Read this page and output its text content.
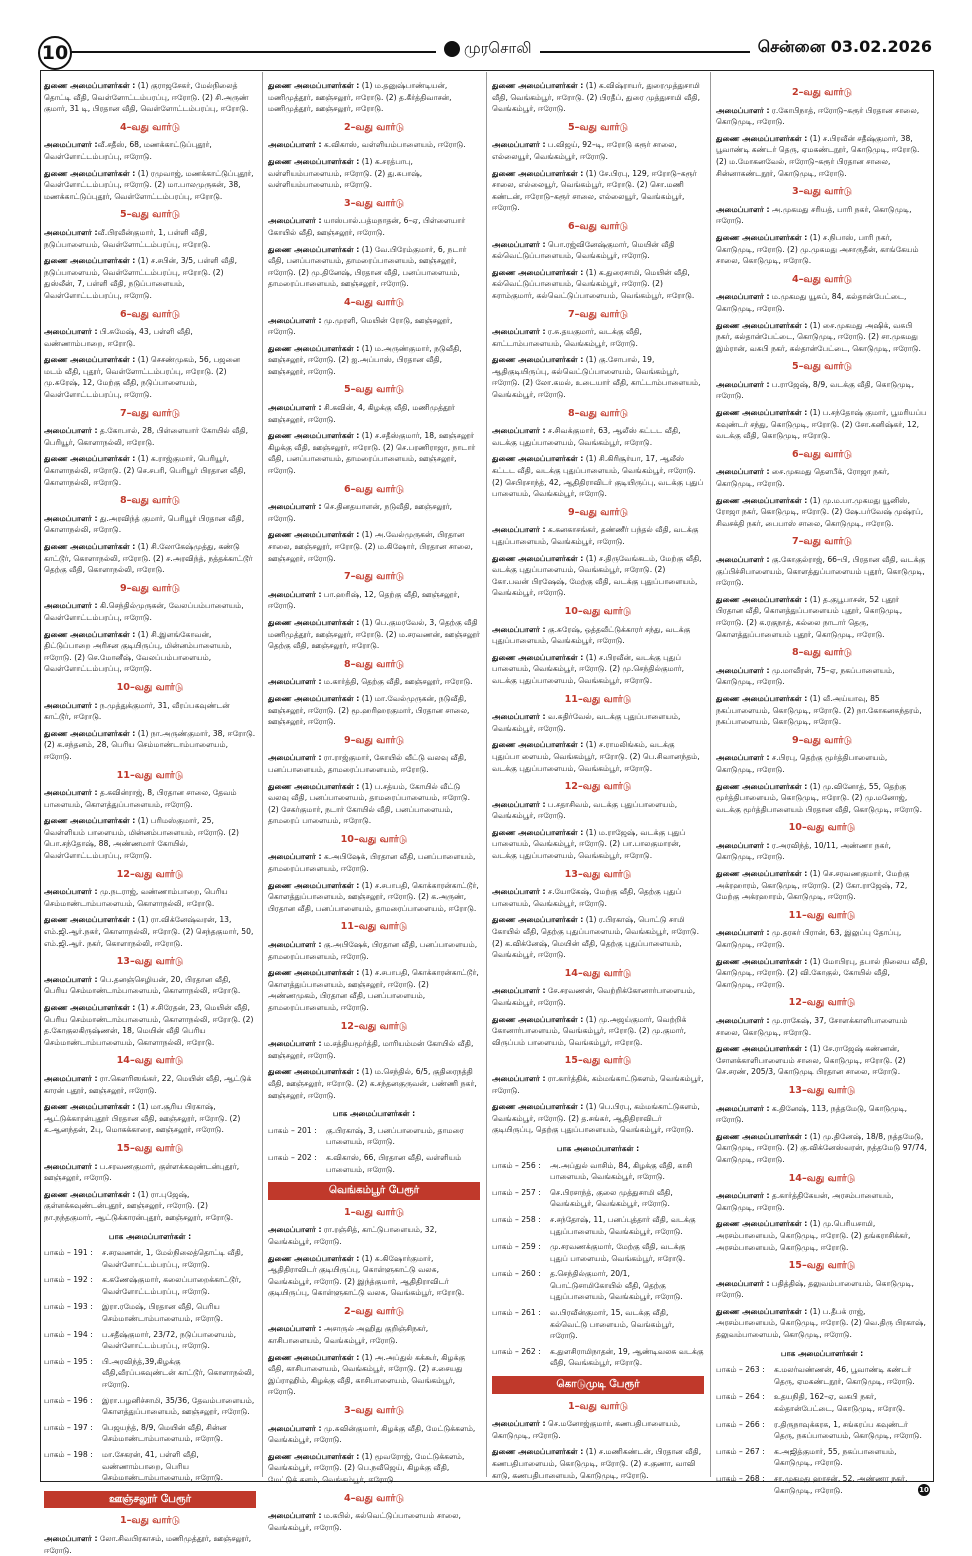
10	முரசொலி	சென்னை 03.02.2026
துணை அமைப்பாளர்கள் : (1) குராஜசேகர், மேல்நிலைத் தொட்டி வீதி, வெள்ளோட்டம்பரப்பு, ஈரோடு. (2) சி.அருண் குமார், 31 டி, பிரதான வீதி, வெள்ளோட்டம்பரப்பு, ஈரோடு.
4–வது வார்டு
அமைப்பாளர் :வீ.சதீஸ், 68, மணக்காட்டுப்புதூர், வெள்ளோட்டம்பரப்பு, ஈரோடு.
துணை அமைப்பாளர்கள் : (1) ரமுவாஜ், மணக்காட்டுப்புதூர், வெள்ளோட்டம்பரப்பு, ஈரோடு. (2) மா.பாலமுருகன், 38, மணக்காட்டுப்புதூர், வெள்ளோட்டம்பரப்பு, ஈரோடு.
5–வது வார்டு
அமைப்பாளர் :வீ.பிரவீன்குமார், 1, பள்ளி வீதி, நடுப்பாளையம், வெள்ளோட்டம்பரப்பு, ஈரோடு.
துணை அமைப்பாளர்கள் : (1) ச.சபின், 3/5, பள்ளி வீதி, நடுப்பாளையம், வெள்ளோட்டம்பரப்பு, ஈரோடு. (2) துஸ்லீன், 7, பள்ளி வீதி, நடுப்பாளையம், வெள்ளோட்டம்பரப்பு, ஈரோடு.
6–வது வார்டு
அமைப்பாளர் : பி.சுமேஷ், 43, பள்ளி வீதி, வண்ணாம்பாறை, ஈரோடு.
துணை அமைப்பாளர்கள் : (1) செசண்முகம், 56, பஜனை மடம் வீதி, புதூர், வெள்ளோட்டம்பரப்பு, ஈரோடு. (2) மு.சுரேஷ், 12, மேற்கு வீதி, நடுப்பாளையம், வெள்ளோட்டம்பரப்பு, ஈரோடு.
7–வது வார்டு
அமைப்பாளர் : த.கோபால், 28, பிள்ளையார் கோயில் வீதி, பெரியூர், கொளாநல்லி, ஈரோடு.
துணை அமைப்பாளர்கள் : (1) க.ராஜ்குமார், பெரியூர், கொளாநல்லி, ஈரோடு. (2) செ.சபரி, பெரியூர் பிரதான வீதி, கொளாநல்லி, ஈரோடு.
8–வது வார்டு
அமைப்பாளர் : து.அரவிந்த் குமார், பெரியூர் பிரதான வீதி, கொளாநல்லி, ஈரோடு.
துணை அமைப்பாளர்கள் : (1) சி.லோகேஷ்முத்து, கண்டு காட்டூர், கொளாநல்லி, ஈரோடு. (2) ச.அரவிந்த், நத்தக்காட்டூர் தெற்கு வீதி, கொளாநல்லி, ஈரோடு.
9–வது வார்டு
அமைப்பாளர் : கி.செந்தில்முருகன், வேலப்பம்பாளையம், வெள்ளோட்டம்பரப்பு, ஈரோடு.
துணை அமைப்பாளர்கள் : (1) சி.இளங்கோவன், திட்டுப்பாறை அரிசன குடியிருப்பு, மின்னம்பாளையம், ஈரோடு. (2) செ.மோனீஷ், வேலப்பம்பாளையம், வெள்ளோட்டம்பரப்பு, ஈரோடு.
10–வது வார்டு
அமைப்பாளர் : ந.முத்துக்குமார், 31, வீரப்பகவுண்டன் காட்டூர், ஈரோடு.
துணை அமைப்பாளர்கள் : (1) நா.அருண்குமார், 38, ஈரோடு. (2) க.சந்தனம், 28, பெரிய செம்மாண்டாம்பாளையம், ஈரோடு.
11–வது வார்டு
அமைப்பாளர் : த.கவின்ராஜ், 8, பிரதான சாலை, தேவம் பாளையம், கொளத்துப்பாளையம், ஈரோடு.
துணை அமைப்பாளர்கள் : (1) பரிமஸ்குமார், 25, வெள்ளியம் பாளையம், மின்னம்பாளையம், ஈரோடு. (2) பொ.சந்தோஷ், 88, அண்ணமார் கோயில், வெள்ளோட்டம்பரப்பு, ஈரோடு.
12–வது வார்டு
அமைப்பாளர் : மு.நடராஜ், வண்ணாம்பாறை, பெரிய செம்மாண்டாம்பாளையம், கொளாநல்லி, ஈரோடு.
துணை அமைப்பாளர்கள் : (1) ரா.விக்னேஷ்வரன், 13, எம்.ஜி.ஆர்.நகர், கொளாநல்லி, ஈரோடு. (2) செந்தகுமார், 50, எம்.ஜி.ஆர். நகர், கொளாநல்லி, ஈரோடு.
13–வது வார்டு
அமைப்பாளர் : பெ.தனஞ்செழியன், 20, பிரதான வீதி, பெரிய செம்மாண்டாம்பாளையம், கொளாநல்லி, ஈரோடு.
துணை அமைப்பாளர்கள் : (1) ச.சிரேதன், 23, மெயின் வீதி, பெரிய செம்மாண்டாம்பாளையம், கொளாநல்லி, ஈரோடு. (2) த.கோகுலகிருஷ்ணன், 18, மெயின் வீதி பெரிய செம்மாண்டாம்பாளையம், கொளாநல்லி, ஈரோடு.
14–வது வார்டு
அமைப்பாளர் : ரா.கௌரிஸங்கர், 22, மெயின் வீதி, ஆட்டுக் காரன் புதூர், ஊஞ்சலூர், ஈரோடு.
துணை அமைப்பாளர்கள் : (1) மா.சூரிய பிரகாஷ், ஆட்டுக்காரன்புதூர் பிரதான வீதி, ஊஞ்சலூர், ஈரோடு. (2) க.ஆனந்தன், 2பு, மொகக்காரை, ஊஞ்சலூர், ஈரோடு.
15–வது வார்டு
அமைப்பாளர் : ப.சரவணகுமார், குள்ளக்கவுண்டன்புதூர், ஊஞ்சலூர், ஈரோடு.
துணை அமைப்பாளர்கள் : (1) ரா.புஜேஷ், குள்ளக்கவுண்டன்புதூர், ஊஞ்சலூர், ஈரோடு. (2) நா.நந்தகுமார், ஆட்டுக்காரன்புதூர், ஊஞ்சலூர், ஈரோடு.
பாக அமைப்பாளர்கள் :
பாகம் – 191 :	ச.சரவணன், 1, மேல்நிலைத்தொட்டி வீதி, வெள்ளோட்டம்பரப்பு, ஈரோடு.
பாகம் – 192 :	க.கணேஷ்குமார், கலைப்பாறைக்காட்டூர், வெள்ளோட்டம்பரப்பு, ஈரோடு.
பாகம் – 193 :	இரா.ரமேஷ், பிரதான வீதி, பெரிய செம்மாண்டாம்பாளையம், ஈரோடு.
பாகம் – 194 :	ப.சதீஷ்குமார், 23/72, நடுப்பாளையம், வெள்ளோட்டம்பரப்பு, ஈரோடு.
பாகம் – 195 :	பி.அரவிந்த்,39,கிழக்கு வீதி,வீரப்பகவுண்டன் காட்டூர், கொளாநல்லி, ஈரோடு.
பாகம் – 196 :	இரா.பழனிச்சாமி, 35/36, தேவம்பாளையம், கொளத்துப்பாளையம், ஊஞ்சலூர், ஈரோடு.
பாகம் – 197 :	பெஜயந்த், 8/9, மெயின் வீதி, சின்ன செம்மாண்டாம்பாளையம், ஈரோடு.
பாகம் – 198 :	மா.சேகரன், 41, பள்ளி வீதி, வண்ணாம்பாறை, பெரிய செம்மாண்டாம்பாளையம், ஈரோடு.
ஊஞ்சலூர் பேரூர்
1–வது வார்டு
அமைப்பாளர் : லோ.சிவபிரகாசம், மணிமுத்தூர், ஊஞ்சலூர், ஈரோடு.
துணை அமைப்பாளர்கள் : (1) ம.தனுஷ்பாண்டியன், மணிமுத்தூர், ஊஞ்சலூர், ஈரோடு. (2) த.கீர்த்திவாசன், மணிமுத்தூர், ஊஞ்சலூர், ஈரோடு.
2–வது வார்டு
அமைப்பாளர் : க.விகாஸ், வள்ளியம்பாளையம், ஈரோடு.
துணை அமைப்பாளர்கள் : (1) க.சரத்பாபு, வள்ளியம்பாளையம், ஈரோடு. (2) து.சுபாஷ், வள்ளியம்பாளையம், ஈரோடு.
3–வது வார்டு
அமைப்பாளர் : யாஸ்பால்.பத்மநாதன், 6–ஏ, பிள்ளையார் கோயில் வீதி, ஊஞ்சலூர், ஈரோடு.
துணை அமைப்பாளர்கள் : (1) வே.பிரேம்குமார், 6, நடார் வீதி, பனப்பாளையம், தாமரைப்பாளையம், ஊஞ்சலூர், ஈரோடு. (2) மு.தினேஷ், பிரதான வீதி, பனப்பாளையம், தாமரைப்பாளையம், ஊஞ்சலூர், ஈரோடு.
4–வது வார்டு
அமைப்பாளர் : மு.முரளி, மெயின் ரோடு, ஊஞ்சலூர், ஈரோடு.
துணை அமைப்பாளர்கள் : (1) ம.அருண்குமார், நடுவீதி, ஊஞ்சலூர், ஈரோடு. (2) ஐ.அப்பாஸ், பிரதான வீதி, ஊஞ்சலூர், ஈரோடு.
5–வது வார்டு
அமைப்பாளர் : சி.கவின், 4, கிழக்கு வீதி, மணிமுத்தூர் ஊஞ்சலூர், ஈரோடு.
துணை அமைப்பாளர்கள் : (1) ச.சதீஸ்குமார், 18, ஊஞ்சலூர் கிழக்கு வீதி, ஊஞ்சலூர், ஈரோடு. (2) செ.பரணிராஜா, நாடார் வீதி, பனப்பாளையம், தாமரைப்பாளையம், ஊஞ்சலூர், ஈரோடு.
6–வது வார்டு
அமைப்பாளர் : செ.தினதயாளன், நடுவீதி, ஊஞ்சலூர், ஈரோடு.
துணை அமைப்பாளர்கள் : (1) அ.வேல்முருகன், பிரதான சாலை, ஊஞ்சலூர், ஈரோடு. (2) ம.கிஷோர், பிரதான சாலை, ஊஞ்சலூர், ஈரோடு.
7–வது வார்டு
அமைப்பாளர் : பா.ஹரிஷ், 12, தெற்கு வீதி, ஊஞ்சலூர், ஈரோடு.
துணை அமைப்பாளர்கள் : (1) பெ.குமரவேல், 3, தெற்கு வீதி மணிமுத்தூர், ஊஞ்சலூர், ஈரோடு. (2) ம.சரவணன், ஊஞ்சலூர் தெற்கு வீதி, ஊஞ்சலூர், ஈரோடு.
8–வது வார்டு
அமைப்பாளர் : ம.கார்த்தி, தெற்கு வீதி, ஊஞ்சலூர், ஈரோடு.
துணை அமைப்பாளர்கள் : (1) மா.வேல்முருகன், நடுவீதி, ஊஞ்சலூர், ஈரோடு. (2) மூ.ஹரிஹரகுமார், பிரதான சாலை, ஊஞ்சலூர், ஈரோடு.
9–வது வார்டு
அமைப்பாளர் : ரா.ராஜ்குமார், கோயில் வீட்டு வலவு வீதி, பனப்பாளையம், தாமரைப்பாளையம், ஈரோடு.
துணை அமைப்பாளர்கள் : (1) ப.சத்யம், கோயில் வீட்டு வலவு வீதி, பனப்பாளையம், தாமரைப்பாளையம், ஈரோடு. (2) சேகர்குமார், நடார் கோயில் வீதி, பனப்பாளையம், தாமரைப் பாளையம், ஈரோடு.
10–வது வார்டு
அமைப்பாளர் : க.அபிஷேக், பிரதான வீதி, பனப்பாளையம், தாமரைப்பாளையம், ஈரோடு.
துணை அமைப்பாளர்கள் : (1) ச.சபாபதி, கொக்காரன்காட்டூர், கொளத்துப்பாளையம், ஊஞ்சலூர், ஈரோடு. (2) க.அருண், பிரதான வீதி, பனப்பாளையம், தாமரைப்பாளையம், ஈரோடு.
11–வது வார்டு
அமைப்பாளர் : கு.அபிஷேக், பிரதான வீதி, பனப்பாளையம், தாமரைப்பாளையம், ஈரோடு.
துணை அமைப்பாளர்கள் : (1) ச.சபாபதி, கொக்காரன்காட்டூர், கொளத்துப்பாளையம், ஊஞ்சலூர், ஈரோடு. (2) அண்ணமுகம், பிரதான வீதி, பனப்பாளையம், தாமரைப்பாளையம், ஈரோடு.
12–வது வார்டு
அமைப்பாளர் : ம.சத்தியமூர்த்தி, மாரியம்மன் கோயில் வீதி, ஊஞ்சலூர், ஈரோடு.
துணை அமைப்பாளர்கள் : (1) ம.செந்தில், 6/5, குதிரைநத்தி வீதி, ஊஞ்சலூர், ஈரோடு. (2) க.சந்தனகுருவன், பண்ணி நகர், ஊஞ்சலூர், ஈரோடு.
பாக அமைப்பாளர்கள் :
பாகம் – 201 :	கு.பிரகாஷ், 3, பனப்பாளையம், தாமரை பாளையம், ஈரோடு.
பாகம் – 202 :	க.விகாஸ், 66, பிரதான வீதி, வள்ளியம் பாளையம், ஈரோடு.
வெங்கம்பூர் பேரூர்
1–வது வார்டு
அமைப்பாளர் : ரா.ரஞ்சித், காட்டுபாளையம், 32, வெங்கம்பூர், ஈரோடு.
துணை அமைப்பாளர்கள் : (1) சு.கிஷோர்குமார், ஆதிதிராவிடர் குடியிருப்பு, கொள்ளுகாட்டு வலசு, வெங்கம்பூர், ஈரோடு. (2) இந்த்குமார், ஆதிதிராவிடர் குடியிருப்பு, கொள்ளுகாட்டு வலசு, வெங்கம்பூர், ஈரோடு.
2–வது வார்டு
அமைப்பாளர் : அசாருல் அஹிது குறிஞ்சிநகர், காசிபாளையம், வெங்கம்பூர், ஈரோடு.
துணை அமைப்பாளர்கள் : (1) அ.அப்துல் கக்கூர், கிழக்கு வீதி, காசிபாளையம், வெங்கம்பூர், ஈரோடு. (2) ச.சையது இப்ராஹிம், கிழக்கு வீதி, காசிபாளையம், வெங்கம்பூர், ஈரோடு.
3–வது வார்டு
அமைப்பாளர் : மு.சுவின்குமார், கிழக்கு வீதி, மேட்டுக்களம், வெங்கம்பூர், ஈரோடு.
துணை அமைப்பாளர்கள் : (1) மூவரோஜ், மேட்டுக்களம், வெங்கம்பூர், ஈரோடு. (2) பெ.நவீஜெய், கிழக்கு வீதி, மேட்டுக் களம், வெங்கம்பூர், ஈரோடு.
4–வது வார்டு
அமைப்பாளர் : ம.கபில், கல்வெட்டுப்பாளையம் சாலை, வெங்கம்பூர், ஈரோடு.
துணை அமைப்பாளர்கள் : (1) க.விஷ்ராயர், துரைமுத்துசாமி வீதி, வெங்கம்பூர், ஈரோடு. (2) பிரதீப், துரை முத்துசாமி வீதி, வெங்கம்பூர், ஈரோடு.
5–வது வார்டு
அமைப்பாளர் : ப.விஜய், 92–டி, ஈரோடு கரூர் சாலை, எல்லையூர், வெங்கம்பூர், ஈரோடு.
துணை அமைப்பாளர்கள் : (1) சே.பிரபு, 129, ஈரோடு–கரூர் சாலை, எல்லையூர், வெங்கம்பூர், ஈரோடு. (2) சொ.மணி கண்டன், ஈரோடு–கரூர் சாலை, எல்லையூர், வெங்கம்பூர், ஈரோடு.
6–வது வார்டு
அமைப்பாளர் : பொ.ரஜ்வினேஷ்குமார், மெயின் வீதி கல்வெட்டுப்பாளையம், வெங்கம்பூர், ஈரோடு.
துணை அமைப்பாளர்கள் : (1) க.துரைசாமி, மெயின் வீதி, கல்வெட்டுப்பாளையம், வெங்கம்பூர், ஈரோடு. (2) சுராம்குமார், கல்வெட்டுப்பாளையம், வெங்கம்பூர், ஈரோடு.
7–வது வார்டு
அமைப்பாளர் : ர.சு.தயகுமார், வடக்கு வீதி, காட்டாம்பாளையம், வெங்கம்பூர், ஈரோடு.
துணை அமைப்பாளர்கள் : (1) கு.சோபால், 19, ஆதிகுடியிருப்பு, கல்வெட்டுப்பாளையம், வெங்கம்பூர், ஈரோடு. (2) லோ.கமல், உடையார் வீதி, காட்டாம்பாளையம், வெங்கம்பூர், ஈரோடு.
8–வது வார்டு
அமைப்பாளர் : ச.சிவக்குமார், 63, ஆலீஸ் கட்டட வீதி, வடக்கு புதுப்பாளையம், வெங்கம்பூர், ஈரோடு.
துணை அமைப்பாளர்கள் : (1) சி.கிரிசூர்யா, 17, ஆலீஸ் கட்டட வீதி, வடக்கு புதுப்பாளையம், வெங்கம்பூர், ஈரோடு. (2) செபிரசாந்த், 42, ஆதிதிராவிடர் குடியிருப்பு, வடக்கு புதுப் பாளையம், வெங்கம்பூர், ஈரோடு.
9–வது வார்டு
அமைப்பாளர் : க.கனகாசங்கர், தண்ணீர் பந்தல் வீதி, வடக்கு புதுப்பாளையம், வெங்கம்பூர், ஈரோடு.
துணை அமைப்பாளர்கள் : (1) ச.திருவேங்கடம், மேற்கு வீதி, வடக்கு புதுப்பாளையம், வெங்கம்பூர், ஈரோடு. (2) கோ.பவன் பிரஷேஷ், மேற்கு வீதி, வடக்கு புதுப்பாளையம், வெங்கம்பூர், ஈரோடு.
10–வது வார்டு
அமைப்பாளர் : கு.சுரேஷ், ஒத்தவீட்டுக்காரர் சந்து, வடக்கு புதுப்பாளையம், வெங்கம்பூர், ஈரோடு.
துணை அமைப்பாளர்கள் : (1) ச.பிரவீன், வடக்கு புதுப் பாளையம், வெங்கம்பூர், ஈரோடு. (2) மு.செந்தில்குமார், வடக்கு புதுப்பாளையம், வெங்கம்பூர், ஈரோடு.
11–வது வார்டு
அமைப்பாளர் : வ.சுதிர்வேல், வடக்கு புதுப்பாளையம், வெங்கம்பூர், ஈரோடு.
துணை அமைப்பாளர்கள் : (1) ச.ராமலிங்கம், வடக்கு புதுப்பா ளையம், வெங்கம்பூர், ஈரோடு. (2) பெ.சிவானந்தம், வடக்கு புதுப்பாளையம், வெங்கம்பூர், ஈரோடு.
12–வது வார்டு
அமைப்பாளர் : ப.சதாசிவம், வடக்கு புதுப்பாளையம், வெங்கம்பூர், ஈரோடு.
துணை அமைப்பாளர்கள் : (1) ம.ராஜேஷ், வடக்கு புதுப் பாளையம், வெங்கம்பூர், ஈரோடு. (2) பா.பாலகுமாரன், வடக்கு புதுப்பாளையம், வெங்கம்பூர், ஈரோடு.
13–வது வார்டு
அமைப்பாளர் : ச.யோகேஷ், மேற்கு வீதி, தெற்கு புதுப் பாளையம், வெங்கம்பூர், ஈரோடு.
துணை அமைப்பாளர்கள் : (1) ர.பிரகாஷ், பொட்டு சாமி கோயில் வீதி, தெற்கு புதுப்பாளையம், வெங்கம்பூர், ஈரோடு. (2) க.விக்னேஷ், மெயின் வீதி, தெற்கு புதுப்பாளையம், வெங்கம்பூர், ஈரோடு.
14–வது வார்டு
அமைப்பாளர் : சே.சரவணன், வெற்றிக்கோனார்பாளையம், வெங்கம்பூர், ஈரோடு.
துணை அமைப்பாளர்கள் : (1) மு.அஜய்குமார், வெற்றிக் கோனார்பாளையம், வெங்கம்பூர், ஈரோடு. (2) மு.குமார், விருப்பம் பாளையம், வெங்கம்பூர், ஈரோடு.
15–வது வார்டு
அமைப்பாளர் : ரா.கார்த்திக், கம்மங்காட்டுகளம், வெங்கம்பூர், ஈரோடு.
துணை அமைப்பாளர்கள் : (1) பெ.பிரபு, கம்மங்காட்டுகளம், வெங்கம்பூர், ஈரோடு. (2) த.சங்கர், ஆதிதிராவிடர் குடியிருப்பு, தெற்கு புதுப்பாளையம், வெங்கம்பூர், ஈரோடு.
பாக அமைப்பாளர்கள் :
பாகம் – 256 :	அ.அப்துல் வாசிம், 84, கிழக்கு வீதி, காசி பாளையம், வெங்கம்பூர், ஈரோடு.
பாகம் – 257 :	செ.பிரசாந்த், குலை முத்துசாமி வீதி, வெங்கம்பூர், வெங்கம்பூர், ஈரோடு.
பாகம் – 258 :	ச.சந்தோஷ், 11, பனப்புத்தார் வீதி, வடக்கு புதுப்பாளையம், வெங்கம்பூர், ஈரோடு.
பாகம் – 259 :	மு.சரவணக்குமார், மேற்கு வீதி, வடக்கு புதுப் பாளையம், வெங்கம்பூர், ஈரோடு.
பாகம் – 260 :	த.செந்தில்குமார், 20/1, பொட்டுசாமிகோயில் வீதி, தெற்கு புதுப்பாளையம், வெங்கம்பூர், ஈரோடு.
பாகம் – 261 :	வ.பிரவீன்குமார், 15, வடக்கு வீதி, கல்வெட்டு பாளையம், வெங்கம்பூர், ஈரோடு.
பாகம் – 262 :	க.துளசிராமிநாதன், 19, ஆண்டிவலசு வடக்கு வீதி, வெங்கம்பூர், ஈரோடு.
கொடுமுடி பேரூர்
1–வது வார்டு
அமைப்பாளர் : செ.மனோஜ்குமார், கணபதிபாளையம், கொடுமுடி, ஈரோடு.
துணை அமைப்பாளர்கள் : (1) ச.மணிகண்டன், பிரதான வீதி, கணபதிபாளையம், கொடுமுடி, ஈரோடு. (2) ச.குணா, வாவி காடு, கணபதிபாளையம், கொடுமுடி, ஈரோடு.
2–வது வார்டு
அமைப்பாளர் : ர.கோபிநாத், ஈரோடு–கரூர் பிரதான சாலை, கொடுமுடி, ஈரோடு.
துணை அமைப்பாளர்கள் : (1) ச.பிரவீன் சதீஷ்குமார், 38, பூவாண்டி கண்டர் தெரு, ஏமகண்டநூர், கொடுமுடி, ஈரோடு. (2) ம.மோகனவேல், ஈரோடு–கரூர் பிரதான சாலை, சின்னாகண்டநூர், கொடுமுடி, ஈரோடு.
3–வது வார்டு
அமைப்பாளர் : அ.முகமது சரியத், பாரி நகர், கொடுமுடி, ஈரோடு.
துணை அமைப்பாளர்கள் : (1) ச.நிபாஸ், பாரி நகர், கொடுமுடி, ஈரோடு. (2) மு.முகமது அசாருதீன், காங்கேயம் சாலை, கொடுமுடி, ஈரோடு.
4–வது வார்டு
அமைப்பாளர் : ம.முகமது யூசுப், 84, கல்தான்பேட்டை, கொடுமுடி, ஈரோடு.
துணை அமைப்பாளர்கள் : (1) சை.முகமது அஷிக், வசுபி நகர், கல்தான்பேட்டை, கொடுமுடி, ஈரோடு. (2) சா.முகமது இம்ரான், வசுபி நகர், கல்தான்பேட்டை, கொடுமுடி, ஈரோடு.
5–வது வார்டு
அமைப்பாளர் : ப.ராஜேஷ், 8/9, வடக்கு வீதி, கொடுமுடி, ஈரோடு.
துணை அமைப்பாளர்கள் : (1) ப.சந்தோஷ் குமார், பூமரியப்ப கவுண்டர் சந்து, கொடுமுடி, ஈரோடு. (2) சோ.கனிஷ்கர், 12, வடக்கு வீதி, கொடுமுடி, ஈரோடு.
6–வது வார்டு
அமைப்பாளர் : சை.முகமது தௌபீக், ரோஜா நகர், கொடுமுடி, ஈரோடு.
துணை அமைப்பாளர்கள் : (1) மு.ம.பா.முகமது யூனிஸ், ரோஜா நகர், கொடுமுடி, ஈரோடு. (2) ஷே.பர்வேஷ் முஷ்ரப், சிவசக்தி நகர், பைபாஸ் சாலை, கொடுமுடி, ஈரோடு.
7–வது வார்டு
அமைப்பாளர் : கு.கோகுல்ராஜ், 66–பி, பிரதான வீதி, வடக்கு குப்பிச்சிபாளையம், கொளத்துப்பாளையம் புதூர், கொடுமுடி, ஈரோடு.
துணை அமைப்பாளர்கள் : (1) த.குபூபாசன், 52 புதூர் பிரதான வீதி, கொளத்துப்பாளையம் புதூர், கொடுமுடி, ஈரோடு. (2) க.ரகுநாத், கல்லை நாடார் தெரு, கொளத்துப்பாளையம் புதூர், கொடுமுடி, ஈரோடு.
8–வது வார்டு
அமைப்பாளர் : மு.மாவீரன், 75–ஏ, நகப்பாளையம், கொடுமுடி, ஈரோடு.
துணை அமைப்பாளர்கள் : (1) வீ.அய்யாவு, 85 நகப்பாளையம், கொடுமுடி, ஈரோடு. (2) நா.கோகனசுந்தரம், நகப்பாளையம், கொடுமுடி, ஈரோடு.
9–வது வார்டு
அமைப்பாளர் : ச.பிரபு, தெற்கு மூர்த்திபாளையம், கொடுமுடி, ஈரோடு.
துணை அமைப்பாளர்கள் : (1) மு.வினோத், 55, தெற்கு மூர்த்திபாளையம், கொடுமுடி, ஈரோடு. (2) மு.மனோஜ், வடக்கு மூர்த்திபாளையம் பிரதான வீதி, கொடுமுடி, ஈரோடு.
10–வது வார்டு
அமைப்பாளர் : ர.அரவிந்த், 10/11, அண்ணா நகர், கொடுமுடி, ஈரோடு.
துணை அமைப்பாளர்கள் : (1) செ.சரவணகுமார், மேற்கு அக்ரஹாரம், கொடுமுடி, ஈரோடு. (2) கோ.ராஜேஷ், 72, மேற்கு அக்ரஹாரம், கொடுமுடி, ஈரோடு.
11–வது வார்டு
அமைப்பாளர் : மு.தரகர் பிரான், 63, இலுப்பு தோப்பு, கொடுமுடி, ஈரோடு.
துணை அமைப்பாளர்கள் : (1) மோபிரபு, தபால் நிலைய வீதி, கொடுமுடி, ஈரோடு. (2) வி.கோகுல், கோயில் வீதி, கொடுமுடி, ஈரோடு.
12–வது வார்டு
அமைப்பாளர் : மு.ராகேஷ், 37, சோளக்காளிபாளையம் சாலை, கொடுமுடி, ஈரோடு.
துணை அமைப்பாளர்கள் : (1) சே.ராஜேஷ் கண்ணன், சோளக்காளிபாளையம் சாலை, கொடுமுடி, ஈரோடு. (2) செ.சரண், 205/3, கொடுமுடி பிரதான சாலை, ஈரோடு.
13–வது வார்டு
அமைப்பாளர் : க.தினேஷ், 113, நத்தமேடு, கொடுமுடி, ஈரோடு.
துணை அமைப்பாளர்கள் : (1) மு.தினேஷ், 18/8, நத்தமேடு, கொடுமுடி, ஈரோடு. (2) கு.விக்னேஸ்வரன், நத்தமேடு 97/74, கொடுமுடி, ஈரோடு.
14–வது வார்டு
அமைப்பாளர் : த.கார்த்திகேயன், அரசம்பாளையம், கொடுமுடி, ஈரோடு.
துணை அமைப்பாளர்கள் : (1) மு.பெரியசாமி, அரசம்பாளையம், கொடுமுடி, ஈரோடு. (2) தங்கராசிக்கர், அரசம்பாளையம், கொடுமுடி, ஈரோடு.
15–வது வார்டு
அமைப்பாளர் : பதித்திஷ், தலுவம்பாளையம், கொடுமுடி, ஈரோடு.
துணை அமைப்பாளர்கள் : (1) ப.தீபக் ராஜ், அரசம்பாளையம், கொடுமுடி, ஈரோடு. (2) வெ.திரு பிரகாஷ், தலுவம்பாளையம், கொடுமுடி, ஈரோடு.
பாக அமைப்பாளர்கள் :
பாகம் – 263 :	க.மலர்வண்ணன், 46, பூவாண்டி கண்டர் தெரு, ஏமகண்டநூர், கொடுமுடி, ஈரோடு.
பாகம் – 264 :	உதயநிதி, 162–ஏ, வசுபி நகர், கல்தான்பேட்டை, கொடுமுடி, ஈரோடு.
பாகம் – 266 :	ர.திருநாவுக்கரசு, 1, சங்கரப்ப கவுண்டர் தெரு, நகப்பாளையம், கொடுமுடி, ஈரோடு.
பாகம் – 267 :	க.அஜித்குமார், 55, நகப்பாளையம், கொடுமுடி, ஈரோடு.
பாகம் – 268 :	சா.முகமது ஹாசன், 52, அண்ணா நகர், கொடுமுடி, ஈரோடு.	10
